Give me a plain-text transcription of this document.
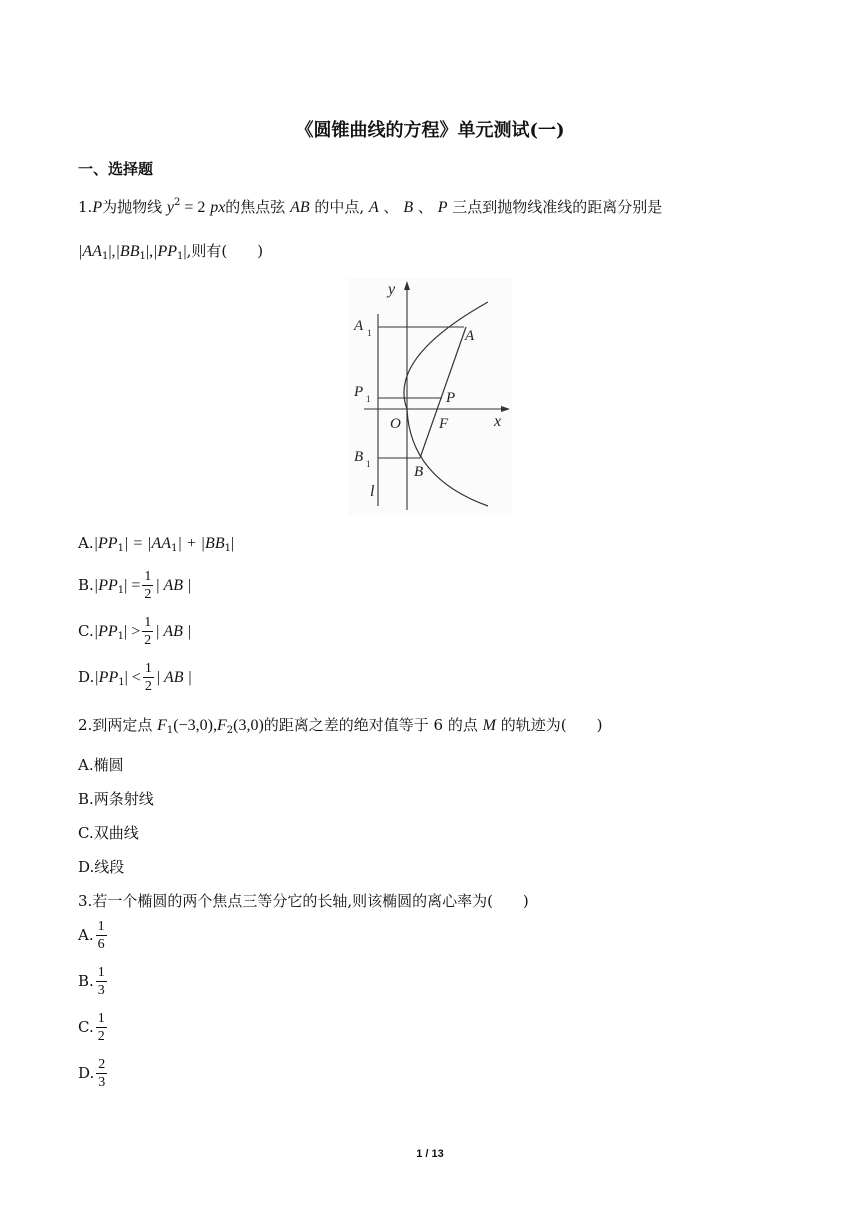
《圆锥曲线的方程》单元测试(一)
一、选择题
1.P为抛物线 $y^2 = 2$ px的焦点弦 AB 的中点, A 、 B 、 P 三点到抛物线准线的距离分别是
$|AA_1|,|BB_1|,|PP_1|$,则有(　　)
y
x
A 1	A
P 1	P
O	F
B 1	B
l
$A.|PP_1| = |AA_1| + |BB_1|$
$B.|PP_1| = \frac{1}{2}$ | AB |
$C.|PP_1| > \frac{1}{2}$ | AB |
$D.|PP_1| < \frac{1}{2}$ | AB |
2.到两定点 $F_1(-3,0),F_2(3,0)$的距离之差的绝对值等于 6 的点 M 的轨迹为(　　)
A.椭圆
B.两条射线
C.双曲线
D.线段
3.若一个椭圆的两个焦点三等分它的长轴,则该椭圆的离心率为(　　)
A. $\frac{1}{6}$
B. $\frac{1}{3}$
C. $\frac{1}{2}$
D. $\frac{2}{3}$
1 / 13
